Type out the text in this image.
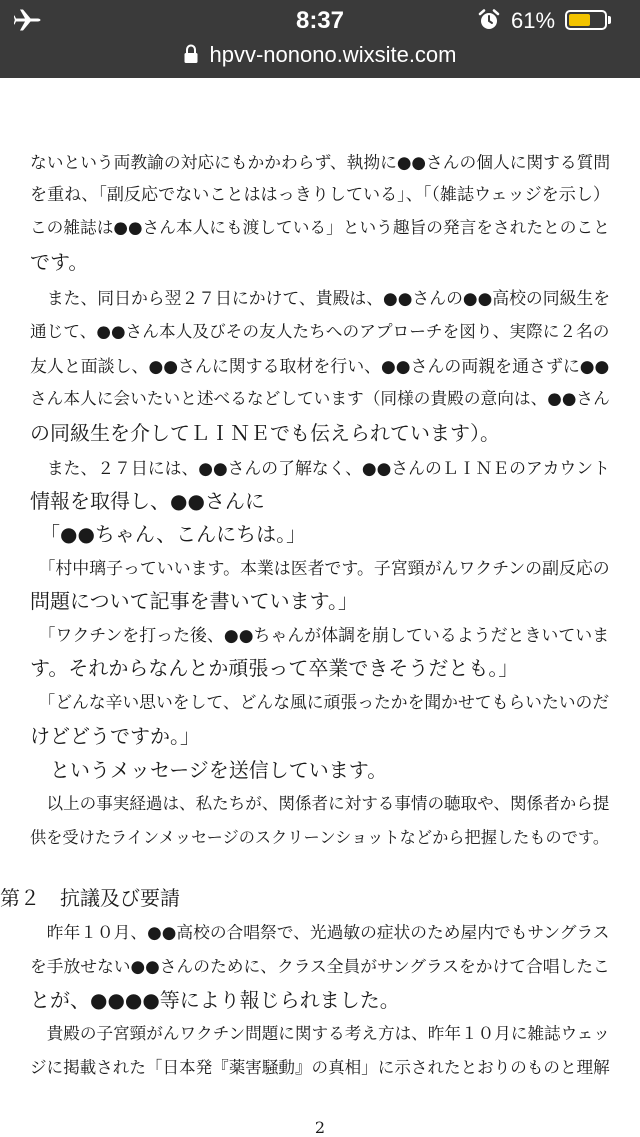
8:37	61%
hpvv-nonono.wixsite.com
ないという両教諭の対応にもかかわらず、執拗に●●さんの個人に関する質問
を重ね、「副反応でないことははっきりしている」、「（雑誌ウェッジを示し）
この雑誌は●●さん本人にも渡している」という趣旨の発言をされたとのこと
です。
　また、同日から翌２７日にかけて、貴殿は、●●さんの●●高校の同級生を
通じて、●●さん本人及びその友人たちへのアプローチを図り、実際に２名の
友人と面談し、●●さんに関する取材を行い、●●さんの両親を通さずに●●
さん本人に会いたいと述べるなどしています（同様の貴殿の意向は、●●さん
の同級生を介してＬＩＮＥでも伝えられています）。
　また、２７日には、●●さんの了解なく、●●さんのＬＩＮＥのアカウント
情報を取得し、●●さんに
　「●●ちゃん、こんにちは。」
　「村中璃子っていいます。本業は医者です。子宮頸がんワクチンの副反応の
問題について記事を書いています。」
　「ワクチンを打った後、●●ちゃんが体調を崩しているようだときいていま
す。それからなんとか頑張って卒業できそうだとも。」
　「どんな辛い思いをして、どんな風に頑張ったかを聞かせてもらいたいのだ
けどどうですか。」
　というメッセージを送信しています。
　以上の事実経過は、私たちが、関係者に対する事情の聴取や、関係者から提
供を受けたラインメッセージのスクリーンショットなどから把握したものです。
第２　抗議及び要請
　昨年１０月、●●高校の合唱祭で、光過敏の症状のため屋内でもサングラス
を手放せない●●さんのために、クラス全員がサングラスをかけて合唱したこ
とが、●●●●等により報じられました。
　貴殿の子宮頸がんワクチン問題に関する考え方は、昨年１０月に雑誌ウェッ
ジに掲載された「日本発『薬害騒動』の真相」に示されたとおりのものと理解
2
